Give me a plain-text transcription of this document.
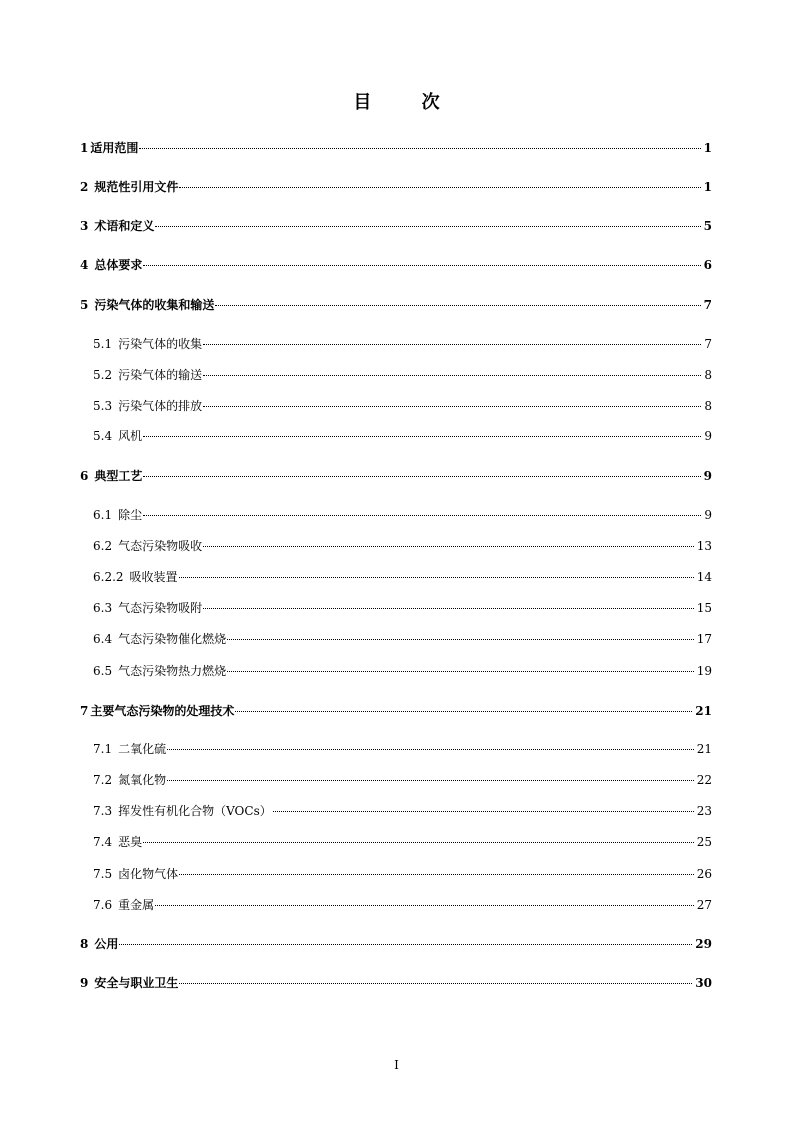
目 次
1 适用范围	1
2 规范性引用文件	1
3 术语和定义	5
4 总体要求	6
5 污染气体的收集和输送	7
5.1 污染气体的收集	7
5.2 污染气体的输送	8
5.3 污染气体的排放	8
5.4 风机	9
6 典型工艺	9
6.1 除尘	9
6.2 气态污染物吸收	13
6.2.2 吸收装置	14
6.3 气态污染物吸附	15
6.4 气态污染物催化燃烧	17
6.5 气态污染物热力燃烧	19
7 主要气态污染物的处理技术	21
7.1 二氧化硫	21
7.2 氮氧化物	22
7.3 挥发性有机化合物（VOCs）	23
7.4 恶臭	25
7.5 卤化物气体	26
7.6 重金属	27
8 公用	29
9 安全与职业卫生	30
I
